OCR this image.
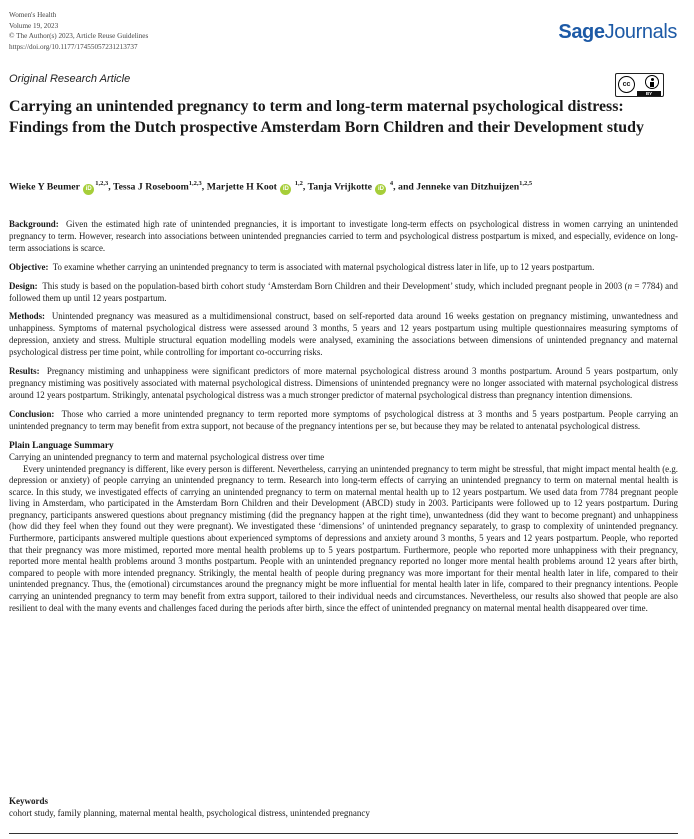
Women's Health
Volume 19, 2023
© The Author(s) 2023, Article Reuse Guidelines
https://doi.org/10.1177/17455057231213737
SageJournals
Original Research Article	cc
BY
Carrying an unintended pregnancy to term and long-term maternal psychological distress: Findings from the Dutch prospective Amsterdam Born Children and their Development study
Wieke Y Beumer iD$^{1,2,3}$, Tessa J Roseboom$^{1,2,3}$, Marjette H Koot iD $^{1,2}$, Tanja Vrijkotte iD $^4$, and Jenneke van Ditzhuijzen$^{1,2,5}$

Background: Given the estimated high rate of unintended pregnancies, it is important to investigate long-term effects on psychological distress in women carrying an unintended pregnancy to term. However, research into associations between unintended pregnancies carried to term and psychological distress postpartum is mixed, and especially, evidence on long-term associations is scarce.

Objective: To examine whether carrying an unintended pregnancy to term is associated with maternal psychological distress later in life, up to 12 years postpartum.

Design: This study is based on the population-based birth cohort study ‘Amsterdam Born Children and their Development’ study, which included pregnant people in 2003 (n = 7784) and followed them up until 12 years postpartum.

Methods: Unintended pregnancy was measured as a multidimensional construct, based on self-reported data around 16 weeks gestation on pregnancy mistiming, unwantedness and unhappiness. Symptoms of maternal psychological distress were assessed around 3 months, 5 years and 12 years postpartum using multiple questionnaires measuring symptoms of depression, anxiety and stress. Multiple structural equation modelling models were analysed, examining the associations between dimensions of unintended pregnancy and maternal psychological distress per time point, while controlling for important co-occurring risks.

Results: Pregnancy mistiming and unhappiness were significant predictors of more maternal psychological distress around 3 months postpartum. Around 5 years postpartum, only pregnancy mistiming was positively associated with maternal psychological distress. Dimensions of unintended pregnancy were no longer associated with maternal psychological distress around 12 years postpartum. Strikingly, antenatal psychological distress was a much stronger predictor of maternal psychological distress than pregnancy intention dimensions.

Conclusion: Those who carried a more unintended pregnancy to term reported more symptoms of psychological distress at 3 months and 5 years postpartum. People carrying an unintended pregnancy to term may benefit from extra support, not because of the pregnancy intentions per se, but because they may be related to antenatal psychological distress.

Plain Language Summary
Carrying an unintended pregnancy to term and maternal psychological distress over time

Every unintended pregnancy is different, like every person is different. Nevertheless, carrying an unintended pregnancy to term might be stressful, that might impact mental health (e.g. depression or anxiety) of people carrying an unintended pregnancy to term. Research into long-term effects of carrying an unintended pregnancy to term on maternal mental health is scarce. In this study, we investigated effects of carrying an unintended pregnancy to term on maternal mental health up to 12 years postpartum. We used data from 7784 pregnant people living in Amsterdam, who participated in the Amsterdam Born Children and their Development (ABCD) study in 2003. Participants were followed up to 12 years postpartum. During pregnancy, participants answered questions about pregnancy mistiming (did the pregnancy happen at the right time), unwantedness (did they want to become pregnant) and unhappiness (how did they feel when they found out they were pregnant). We investigated these ‘dimensions’ of unintended pregnancy separately, to grasp to complexity of unintended pregnancy. Furthermore, participants answered multiple questions about experienced symptoms of depressions and anxiety around 3 months, 5 years and 12 years postpartum. People, who reported that their pregnancy was more mistimed, reported more mental health problems up to 5 years postpartum. Furthermore, people who reported more unhappiness with their pregnancy, reported more mental health problems around 3 months postpartum. People with an unintended pregnancy reported no longer more mental health problems around 12 years after birth, compared to people with more intended pregnancy. Strikingly, the mental health of people during pregnancy was more important for their mental health later in life, compared to their unintended pregnancy. Thus, the (emotional) circumstances around the pregnancy might be more influential for mental health later in life, compared to their pregnancy intentions. People carrying an unintended pregnancy to term may benefit from extra support, tailored to their individual needs and circumstances. Nevertheless, our results also showed that people are also resilient to deal with the many events and challenges faced during the periods after birth, since the effect of unintended pregnancy on maternal mental health disappeared over time.

Keywords
cohort study, family planning, maternal mental health, psychological distress, unintended pregnancy
